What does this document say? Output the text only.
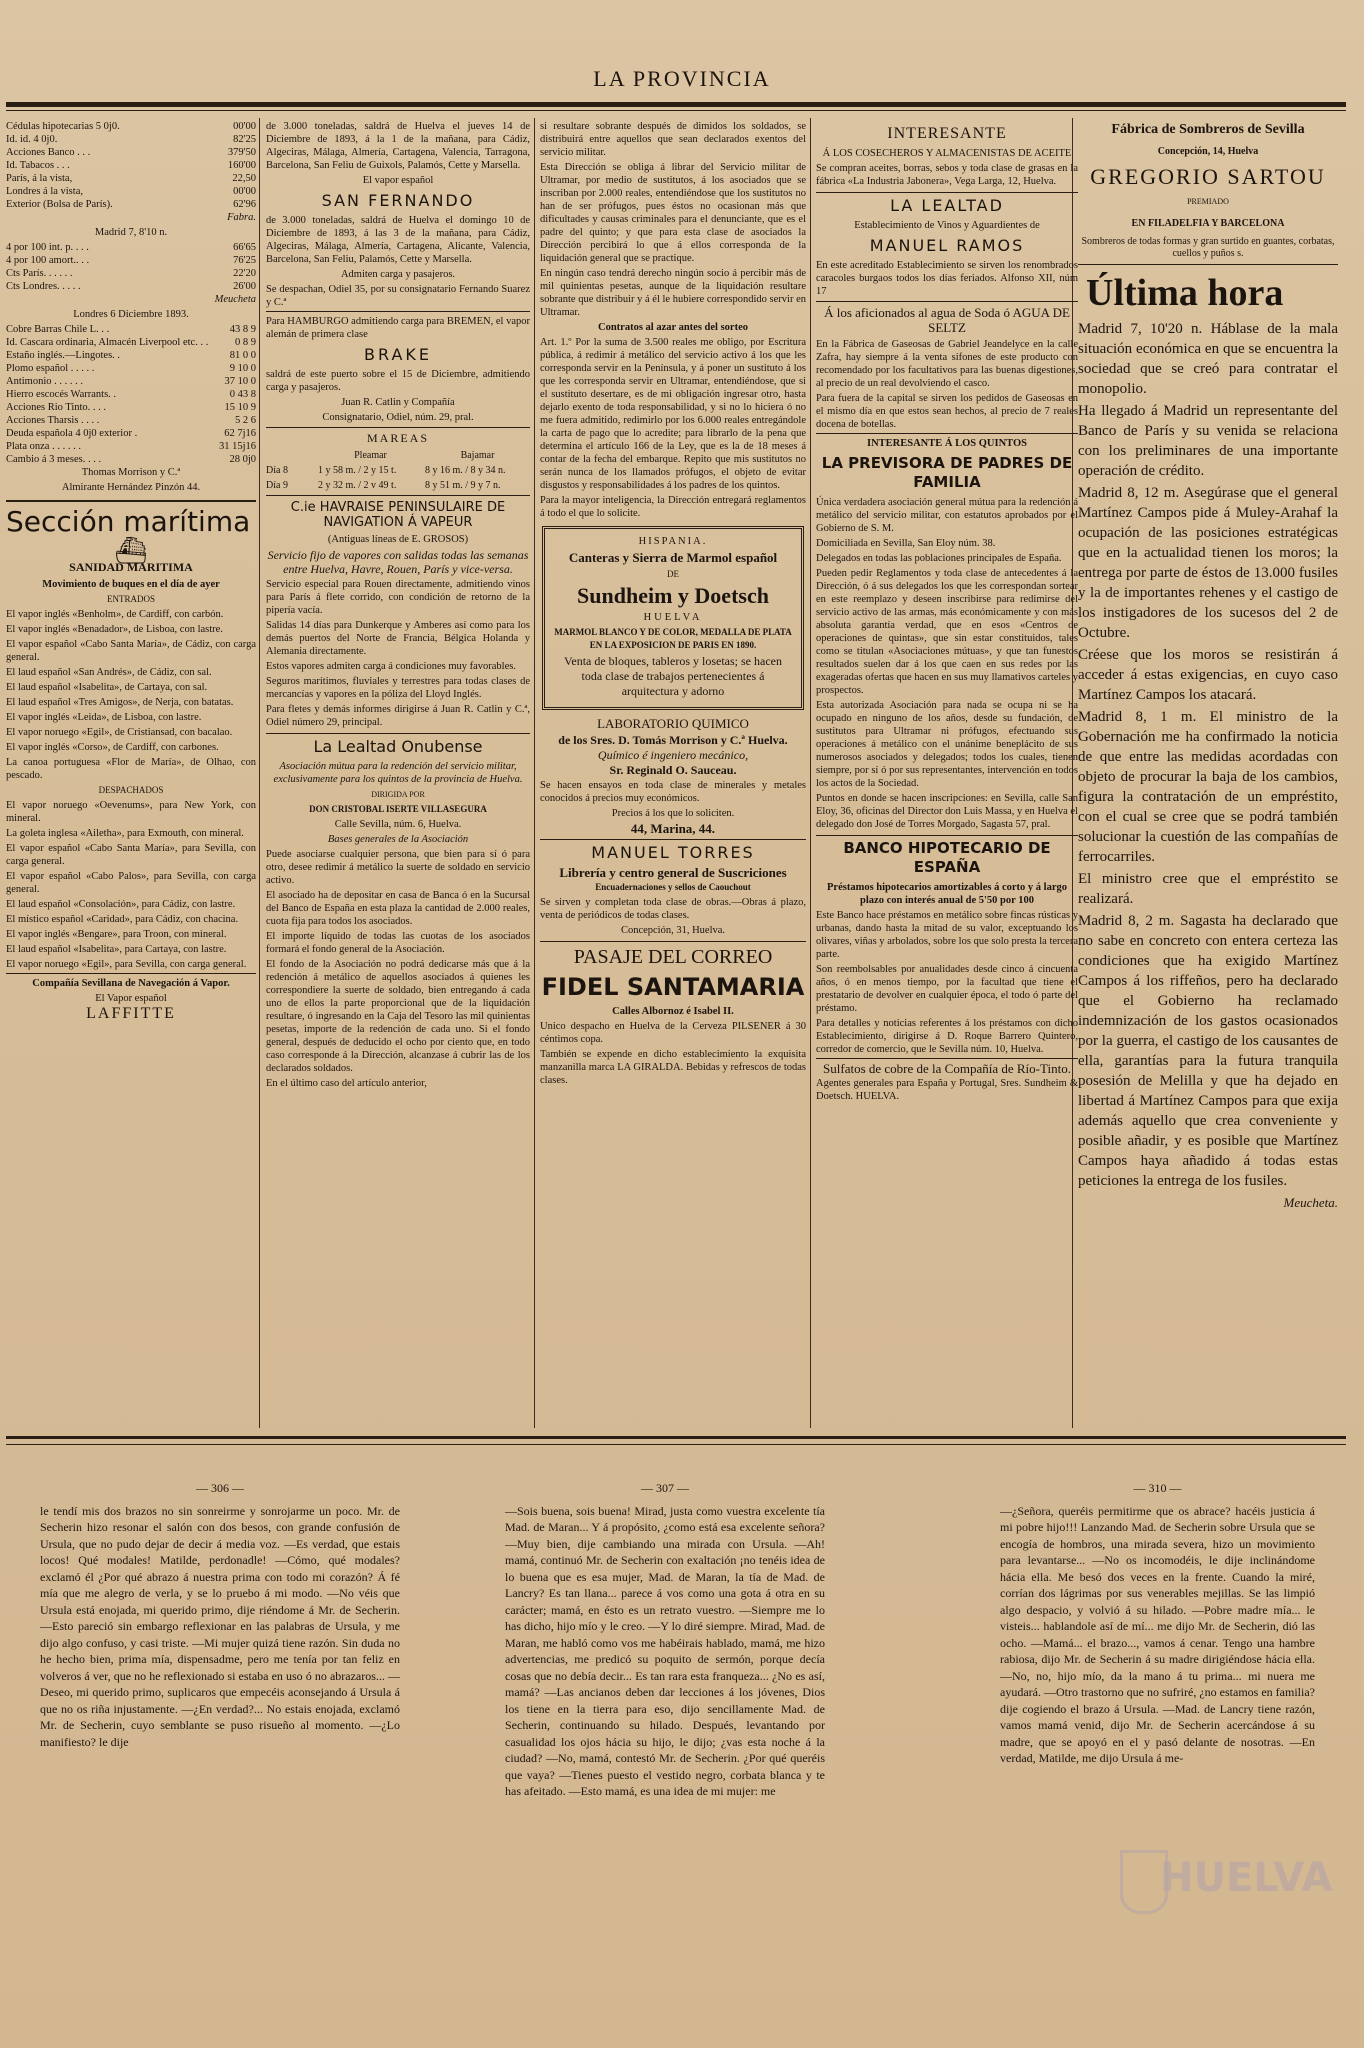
LA PROVINCIA
Cédulas hipotecarias 5 0j0.	00'00
Id. id. 4 0j0.	82'25
Acciones Banco . . .	379'50
Id. Tabacos . . .	160'00
París, á la vista,	22,50
Londres á la vista,	00'00
Exterior (Bolsa de París).	62'96

Fabra.

Madrid 7, 8'10 n.

4 por 100 int. p. . . .	66'65
4 por 100 amort.. . .	76'25
Cts París. . . . . .	22'20
Cts Londres. . . . .	26'00

Meucheta

Londres 6 Diciembre 1893.

Cobre Barras Chile L. . .	43 8 9
Id. Cascara ordinaria, Almacén Liverpool etc. . .	0 8 9
Estaño inglés.—Lingotes. .	81 0 0
Plomo español . . . . .	9 10 0
Antimonio . . . . . .	37 10 0
Hierro escocés Warrants. .	0 43 8
Acciones Rio Tinto. . . .	15 10 9
Acciones Tharsis . . . .	5 2 6
Deuda española 4 0j0 exterior .	62 7j16
Plata onza . . . . . .	31 15j16
Cambio á 3 meses. . . .	28 0j0

Thomas Morrison y C.ª

Almirante Hernández Pinzón 44.

Sección marítima
⛴
SANIDAD MARITIMA

Movimiento de buques en el día de ayer

ENTRADOS

El vapor inglés «Benholm», de Cardiff, con carbón.

El vapor inglés «Benadador», de Lisboa, con lastre.

El vapor español «Cabo Santa María», de Cádiz, con carga general.

El laud español «San Andrés», de Cádiz, con sal.

El laud español «Isabelita», de Cartaya, con sal.

El laud español «Tres Amigos», de Nerja, con batatas.

El vapor inglés «Leida», de Lisboa, con lastre.

El vapor noruego «Egil», de Cristiansad, con bacalao.

El vapor inglés «Corso», de Cardiff, con carbones.

La canoa portuguesa «Flor de María», de Olhao, con pescado.

DESPACHADOS

El vapor noruego «Oevenums», para New York, con mineral.

La goleta inglesa «Ailetha», para Exmouth, con mineral.

El vapor español «Cabo Santa María», para Sevilla, con carga general.

El vapor español «Cabo Palos», para Sevilla, con carga general.

El laud español «Consolación», para Cádiz, con lastre.

El místico español «Caridad», para Cádiz, con chacina.

El vapor inglés «Bengare», para Troon, con mineral.

El laud español «Isabelita», para Cartaya, con lastre.

El vapor noruego «Egil», para Sevilla, con carga general.

Compañía Sevillana de Navegación á Vapor.

El Vapor español

LAFFITTE

de 3.000 toneladas, saldrá de Huelva el jueves 14 de Diciembre de 1893, á la 1 de la mañana, para Cádiz, Algeciras, Málaga, Almería, Cartagena, Valencia, Tarragona, Barcelona, San Feliu de Guixols, Palamós, Cette y Marsella.

El vapor español

SAN FERNANDO

de 3.000 toneladas, saldrá de Huelva el domingo 10 de Diciembre de 1893, á las 3 de la mañana, para Cádiz, Algeciras, Málaga, Almería, Cartagena, Alicante, Valencia, Barcelona, San Feliu, Palamós, Cette y Marsella.

Admiten carga y pasajeros.

Se despachan, Odiel 35, por su consignatario Fernando Suarez y C.ª

Para HAMBURGO admitiendo carga para BREMEN, el vapor alemán de primera clase

BRAKE

saldrá de este puerto sobre el 15 de Diciembre, admitiendo carga y pasajeros.

Juan R. Catlin y Compañía

Consignatario, Odiel, núm. 29, pral.

MAREAS
Pleamar	Bajamar
Día 8	1 y 58 m. / 2 y 15 t.	8 y 16 m. / 8 y 34 n.
Día 9	2 y 32 m. / 2 v 49 t.	8 y 51 m. / 9 y 7 n.
C.ie HAVRAISE PENINSULAIRE DE NAVIGATION Á VAPEUR

(Antiguas líneas de E. GROSOS)

Servicio fijo de vapores con salidas todas las semanas entre Huelva, Havre, Rouen, París y vice-versa.

Servicio especial para Rouen directamente, admitiendo vinos para París á flete corrido, con condición de retorno de la pipería vacía.

Salidas 14 días para Dunkerque y Amberes así como para los demás puertos del Norte de Francia, Bélgica Holanda y Alemania directamente.

Estos vapores admiten carga á condiciones muy favorables.

Seguros marítimos, fluviales y terrestres para todas clases de mercancías y vapores en la póliza del Lloyd Inglés.

Para fletes y demás informes dirigirse á Juan R. Catlin y C.ª, Odiel número 29, principal.

La Lealtad Onubense

Asociación mútua para la redención del servicio militar, exclusivamente para los quintos de la provincia de Huelva.

DIRIGIDA POR

DON CRISTOBAL ISERTE VILLASEGURA

Calle Sevilla, núm. 6, Huelva.

Bases generales de la Asociación

Puede asociarse cualquier persona, que bien para sí ó para otro, desee redimir á metálico la suerte de soldado en servicio activo.

El asociado ha de depositar en casa de Banca ó en la Sucursal del Banco de España en esta plaza la cantidad de 2.000 reales, cuota fija para todos los asociados.

El importe líquido de todas las cuotas de los asociados formará el fondo general de la Asociación.

El fondo de la Asociación no podrá dedicarse más que á la redención á metálico de aquellos asociados á quienes les correspondiere la suerte de soldado, bien entregando á cada uno de ellos la parte proporcional que de la liquidación resultare, ó ingresando en la Caja del Tesoro las mil quinientas pesetas, importe de la redención de cada uno. Si el fondo general, después de deducido el ocho por ciento que, en todo caso corresponde á la Dirección, alcanzase á cubrir las de los declarados soldados.

En el último caso del artículo anterior,

si resultare sobrante después de dimidos los soldados, se distribuirá entre aquellos que sean declarados exentos del servicio militar.

Esta Dirección se obliga á librar del Servicio militar de Ultramar, por medio de sustitutos, á los asociados que se inscriban por 2.000 reales, entendiéndose que los sustitutos no han de ser prófugos, pues éstos no ocasionan más que dificultades y causas criminales para el denunciante, que es el padre del quinto; y que para esta clase de asociados la Dirección percibirá lo que á ellos corresponda de la liquidación general que se practique.

En ningún caso tendrá derecho ningún socio á percibir más de mil quinientas pesetas, aunque de la liquidación resultare sobrante que distribuir y á él le hubiere correspondido servir en Ultramar.

Contratos al azar antes del sorteo

Art. 1.º Por la suma de 3.500 reales me obligo, por Escritura pública, á redimir á metálico del servicio activo á los que les corresponda servir en la Península, y á poner un sustituto á los que les corresponda servir en Ultramar, entendiéndose, que si el sustituto desertare, es de mi obligación ingresar otro, hasta dejarlo exento de toda responsabilidad, y si no lo hiciera ó no me fuera admitido, redimirlo por los 6.000 reales entregándole la carta de pago que lo acredite; para librarlo de la pena que determina el artículo 166 de la Ley, que es la de 18 meses á contar de la fecha del embarque. Repito que mis sustitutos no serán nunca de los llamados prófugos, el objeto de evitar disgustos y responsabilidades á los padres de los quintos.

Para la mayor inteligencia, la Dirección entregará reglamentos á todo el que lo solicite.

HISPANIA.

Canteras y Sierra de Marmol español

DE

Sundheim y Doetsch

HUELVA

MARMOL BLANCO Y DE COLOR, MEDALLA DE PLATA EN LA EXPOSICION DE PARIS EN 1890.

Venta de bloques, tableros y losetas; se hacen toda clase de trabajos pertenecientes á arquitectura y adorno

LABORATORIO QUIMICO

de los Sres. D. Tomás Morrison y C.ª Huelva.

Químico é ingeniero mecánico,

Sr. Reginald O. Sauceau.

Se hacen ensayos en toda clase de minerales y metales conocidos á precios muy económicos.

Precios á los que lo soliciten.

44, Marina, 44.

MANUEL TORRES

Librería y centro general de Suscriciones

Encuadernaciones y sellos de Caouchout

Se sirven y completan toda clase de obras.—Obras á plazo, venta de periódicos de todas clases.

Concepción, 31, Huelva.

PASAJE DEL CORREO
FIDEL SANTAMARIA

Calles Albornoz é Isabel II.

Unico despacho en Huelva de la Cerveza PILSENER á 30 céntimos copa.

También se expende en dicho establecimiento la exquisita manzanilla marca LA GIRALDA. Bebidas y refrescos de todas clases.

INTERESANTE

Á LOS COSECHEROS Y ALMACENISTAS DE ACEITE

Se compran aceites, borras, sebos y toda clase de grasas en la fábrica «La Industria Jabonera», Vega Larga, 12, Huelva.

LA LEALTAD

Establecimiento de Vinos y Aguardientes de

MANUEL RAMOS

En este acreditado Establecimiento se sirven los renombrados caracoles burgaos todos los días feriados. Alfonso XII, núm 17

Á los aficionados al agua de Soda ó AGUA DE SELTZ

En la Fábrica de Gaseosas de Gabriel Jeandelyce en la calle Zafra, hay siempre á la venta sifones de este producto con recomendado por los facultativos para las buenas digestiones, al precio de un real devolviendo el casco.

Para fuera de la capital se sirven los pedidos de Gaseosas en el mismo día en que estos sean hechos, al precio de 7 reales docena de botellas.

INTERESANTE Á LOS QUINTOS

LA PREVISORA DE PADRES DE FAMILIA

Única verdadera asociación general mútua para la redención á metálico del servicio militar, con estatutos aprobados por el Gobierno de S. M.

Domiciliada en Sevilla, San Eloy núm. 38.

Delegados en todas las poblaciones principales de España.

Pueden pedir Reglamentos y toda clase de antecedentes á la Dirección, ó á sus delegados los que les correspondan sortear en este reemplazo y deseen inscribirse para redimirse del servicio activo de las armas, más económicamente y con más absoluta garantía verdad, que en esos «Centros de operaciones de quintas», que sin estar constituidos, tales como se titulan «Asociaciones mútuas», y que tan funestos resultados suelen dar á los que caen en sus redes por las exageradas ofertas que hacen en sus muy llamativos carteles y prospectos.

Esta autorizada Asociación para nada se ocupa ni se ha ocupado en ninguno de los años, desde su fundación, de sustitutos para Ultramar ni prófugos, efectuando sus operaciones á metálico con el unánime beneplácito de sus numerosos asociados y delegados; todos los cuales, tienen siempre, por sí ó por sus representantes, intervención en todos los actos de la Sociedad.

Puntos en donde se hacen inscripciones: en Sevilla, calle San Eloy, 36, oficinas del Director don Luis Massa, y en Huelva el delegado don José de Torres Morgado, Sagasta 57, pral.

BANCO HIPOTECARIO DE ESPAÑA

Préstamos hipotecarios amortizables á corto y á largo plazo con interés anual de 5'50 por 100

Este Banco hace préstamos en metálico sobre fincas rústicas y urbanas, dando hasta la mitad de su valor, exceptuando los olivares, viñas y arbolados, sobre los que solo presta la tercera parte.

Son reembolsables por anualidades desde cinco á cincuenta años, ó en menos tiempo, por la facultad que tiene el prestatario de devolver en cualquier época, el todo ó parte del préstamo.

Para detalles y noticias referentes á los préstamos con dicho Establecimiento, dirigirse á D. Roque Barrero Quintero, corredor de comercio, que le Sevilla núm. 10, Huelva.

Sulfatos de cobre de la Compañía de Río-Tinto.

Agentes generales para España y Portugal, Sres. Sundheim & Doetsch. HUELVA.

Fábrica de Sombreros de Sevilla

Concepción, 14, Huelva

GREGORIO SARTOU

PREMIADO

EN FILADELFIA Y BARCELONA

Sombreros de todas formas y gran surtido en guantes, corbatas, cuellos y puños s.

Última hora

Madrid 7, 10'20 n. Háblase de la mala situación económica en que se encuentra la sociedad que se creó para contratar el monopolio.

Ha llegado á Madrid un representante del Banco de París y su venida se relaciona con los preliminares de una importante operación de crédito.

Madrid 8, 12 m. Asegúrase que el general Martínez Campos pide á Muley-Arahaf la ocupación de las posiciones estratégicas que en la actualidad tienen los moros; la entrega por parte de éstos de 13.000 fusiles y la de importantes rehenes y el castigo de los instigadores de los sucesos del 2 de Octubre.

Créese que los moros se resistirán á acceder á estas exigencias, en cuyo caso Martínez Campos los atacará.

Madrid 8, 1 m. El ministro de la Gobernación me ha confirmado la noticia de que entre las medidas acordadas con objeto de procurar la baja de los cambios, figura la contratación de un empréstito, con el cual se cree que se podrá también solucionar la cuestión de las compañías de ferrocarriles.

El ministro cree que el empréstito se realizará.

Madrid 8, 2 m. Sagasta ha declarado que no sabe en concreto con entera certeza las condiciones que ha exigido Martínez Campos á los riffeños, pero ha declarado que el Gobierno ha reclamado indemnización de los gastos ocasionados por la guerra, el castigo de los causantes de ella, garantías para la futura tranquila posesión de Melilla y que ha dejado en libertad á Martínez Campos para que exija además aquello que crea conveniente y posible añadir, y es posible que Martínez Campos haya añadido á todas estas peticiones la entrega de los fusiles.

Meucheta.

— 306 —

le tendí mis dos brazos no sin sonreirme y sonrojarme un poco. Mr. de Secherin hizo resonar el salón con dos besos, con grande confusión de Ursula, que no pudo dejar de decir á media voz. —Es verdad, que estais locos! Qué modales! Matilde, perdonadle! —Cómo, qué modales? exclamó él ¿Por qué abrazo á nuestra prima con todo mi corazón? Á fé mía que me alegro de verla, y se lo pruebo á mi modo. —No véis que Ursula está enojada, mi querido primo, dije riéndome á Mr. de Secherin. —Esto pareció sin embargo reflexionar en las palabras de Ursula, y me dijo algo confuso, y casi triste. —Mi mujer quizá tiene razón. Sin duda no he hecho bien, prima mía, dispensadme, pero me tenía por tan feliz en volveros á ver, que no he reflexionado si estaba en uso ó no abrazaros... —Deseo, mi querido primo, suplicaros que empecéis aconsejando á Ursula á que no os riña injustamente. —¿En verdad?... No estais enojada, exclamó Mr. de Secherin, cuyo semblante se puso risueño al momento. —¿Lo manifiesto? le dije

— 307 —

—Sois buena, sois buena! Mirad, justa como vuestra excelente tía Mad. de Maran... Y á propósito, ¿como está esa excelente señora? —Muy bien, dije cambiando una mirada con Ursula. —Ah! mamá, continuó Mr. de Secherin con exaltación ¡no tenéis idea de lo buena que es esa mujer, Mad. de Maran, la tía de Mad. de Lancry? Es tan llana... parece á vos como una gota á otra en su carácter; mamá, en ésto es un retrato vuestro. —Siempre me lo has dicho, hijo mío y le creo. —Y lo diré siempre. Mirad, Mad. de Maran, me habló como vos me habéirais hablado, mamá, me hizo advertencias, me predicó su poquito de sermón, porque decía cosas que no debía decir... Es tan rara esta franqueza... ¿No es así, mamá? —Las ancianos deben dar lecciones á los jóvenes, Dios los tiene en la tierra para eso, dijo sencillamente Mad. de Secherin, continuando su hilado. Después, levantando por casualidad los ojos hácia su hijo, le dijo; ¿vas esta noche á la ciudad? —No, mamá, contestó Mr. de Secherin. ¿Por qué queréis que vaya? —Tienes puesto el vestido negro, corbata blanca y te has afeitado. —Esto mamá, es una idea de mi mujer: me

— 310 —

—¿Señora, queréis permitirme que os abrace? hacéis justicia á mi pobre hijo!!! Lanzando Mad. de Secherin sobre Ursula que se encogía de hombros, una mirada severa, hizo un movimiento para levantarse... —No os incomodéis, le dije inclinándome hácia ella. Me besó dos veces en la frente. Cuando la miré, corrían dos lágrimas por sus venerables mejillas. Se las limpió algo despacio, y volvió á su hilado. —Pobre madre mía... le visteis... hablandole así de mí... me dijo Mr. de Secherin, dió las ocho. —Mamá... el brazo..., vamos á cenar. Tengo una hambre rabiosa, dijo Mr. de Secherin á su madre dirigiéndose hácia ella. —No, no, hijo mío, da la mano á tu prima... mi nuera me ayudará. —Otro trastorno que no sufriré, ¿no estamos en familia? dije cogiendo el brazo á Ursula. —Mad. de Lancry tiene razón, vamos mamá venid, dijo Mr. de Secherin acercándose á su madre, que se apoyó en el y pasó delante de nosotras. —En verdad, Matilde, me dijo Ursula á me-

HUELVA
